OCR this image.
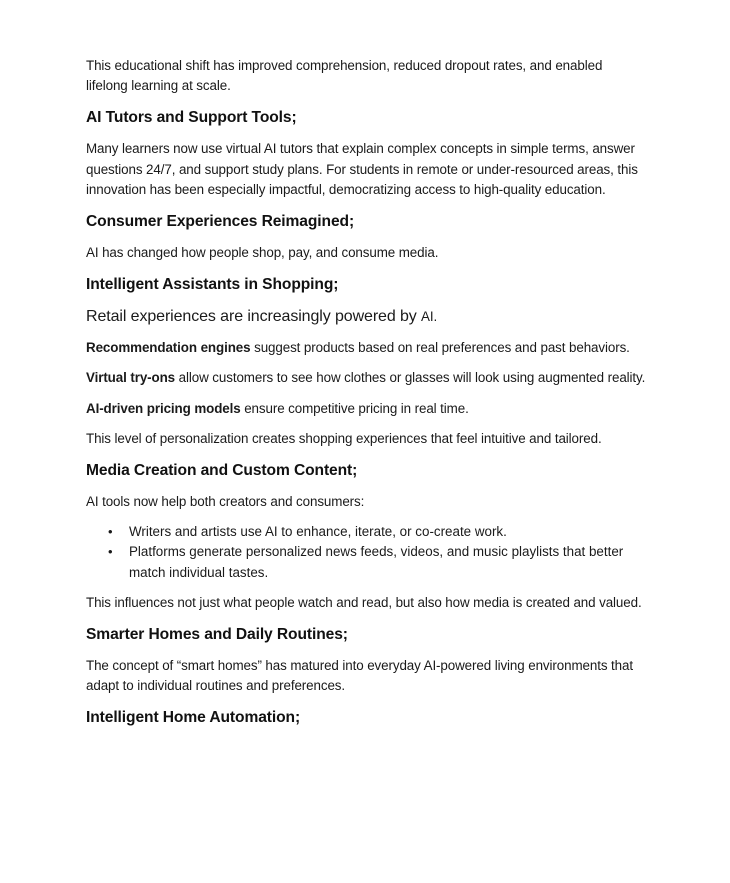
This educational shift has improved comprehension, reduced dropout rates, and enabled lifelong learning at scale.

AI Tutors and Support Tools;

Many learners now use virtual AI tutors that explain complex concepts in simple terms, answer questions 24/7, and support study plans. For students in remote or under-resourced areas, this innovation has been especially impactful, democratizing access to high-quality education.

Consumer Experiences Reimagined;

AI has changed how people shop, pay, and consume media.

Intelligent Assistants in Shopping;

Retail experiences are increasingly powered by AI.

Recommendation engines suggest products based on real preferences and past behaviors.

Virtual try-ons allow customers to see how clothes or glasses will look using augmented reality.

AI-driven pricing models ensure competitive pricing in real time.

This level of personalization creates shopping experiences that feel intuitive and tailored.

Media Creation and Custom Content;

AI tools now help both creators and consumers:

• Writers and artists use AI to enhance, iterate, or co-create work.
• Platforms generate personalized news feeds, videos, and music playlists that better match individual tastes.

This influences not just what people watch and read, but also how media is created and valued.

Smarter Homes and Daily Routines;

The concept of “smart homes” has matured into everyday AI-powered living environments that adapt to individual routines and preferences.

Intelligent Home Automation;
